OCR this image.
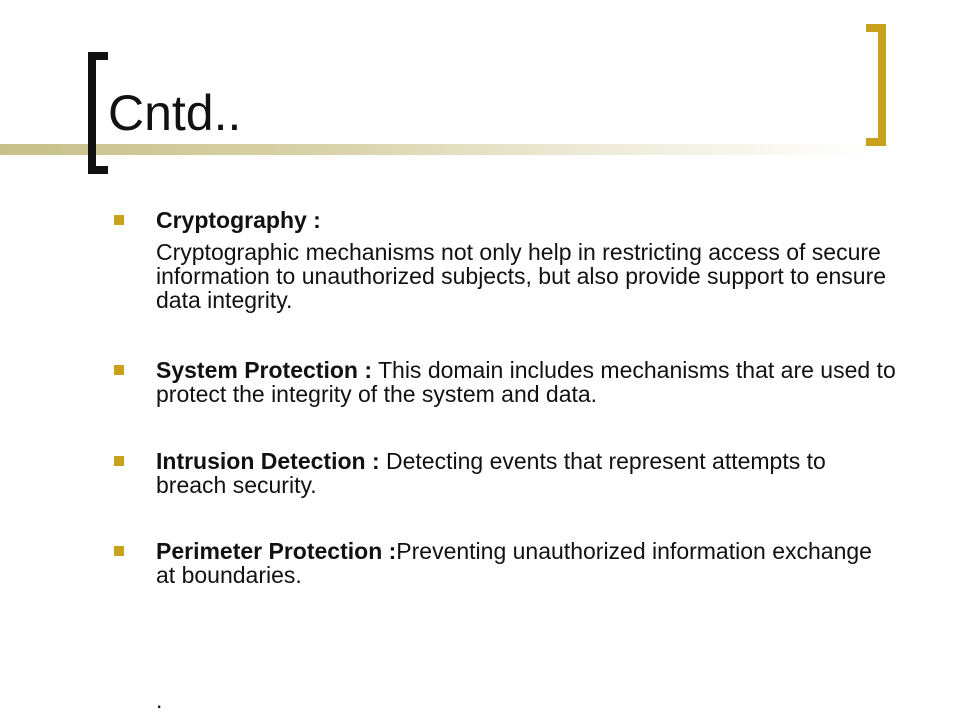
Cntd..
Cryptography :
Cryptographic mechanisms not only help in restricting access of secure information to unauthorized subjects, but also provide support to ensure data integrity.
System Protection : This domain includes mechanisms that are used to protect the integrity of the system and data.
Intrusion Detection : Detecting events that represent attempts to breach security.
Perimeter Protection :Preventing unauthorized information exchange at boundaries.
.
